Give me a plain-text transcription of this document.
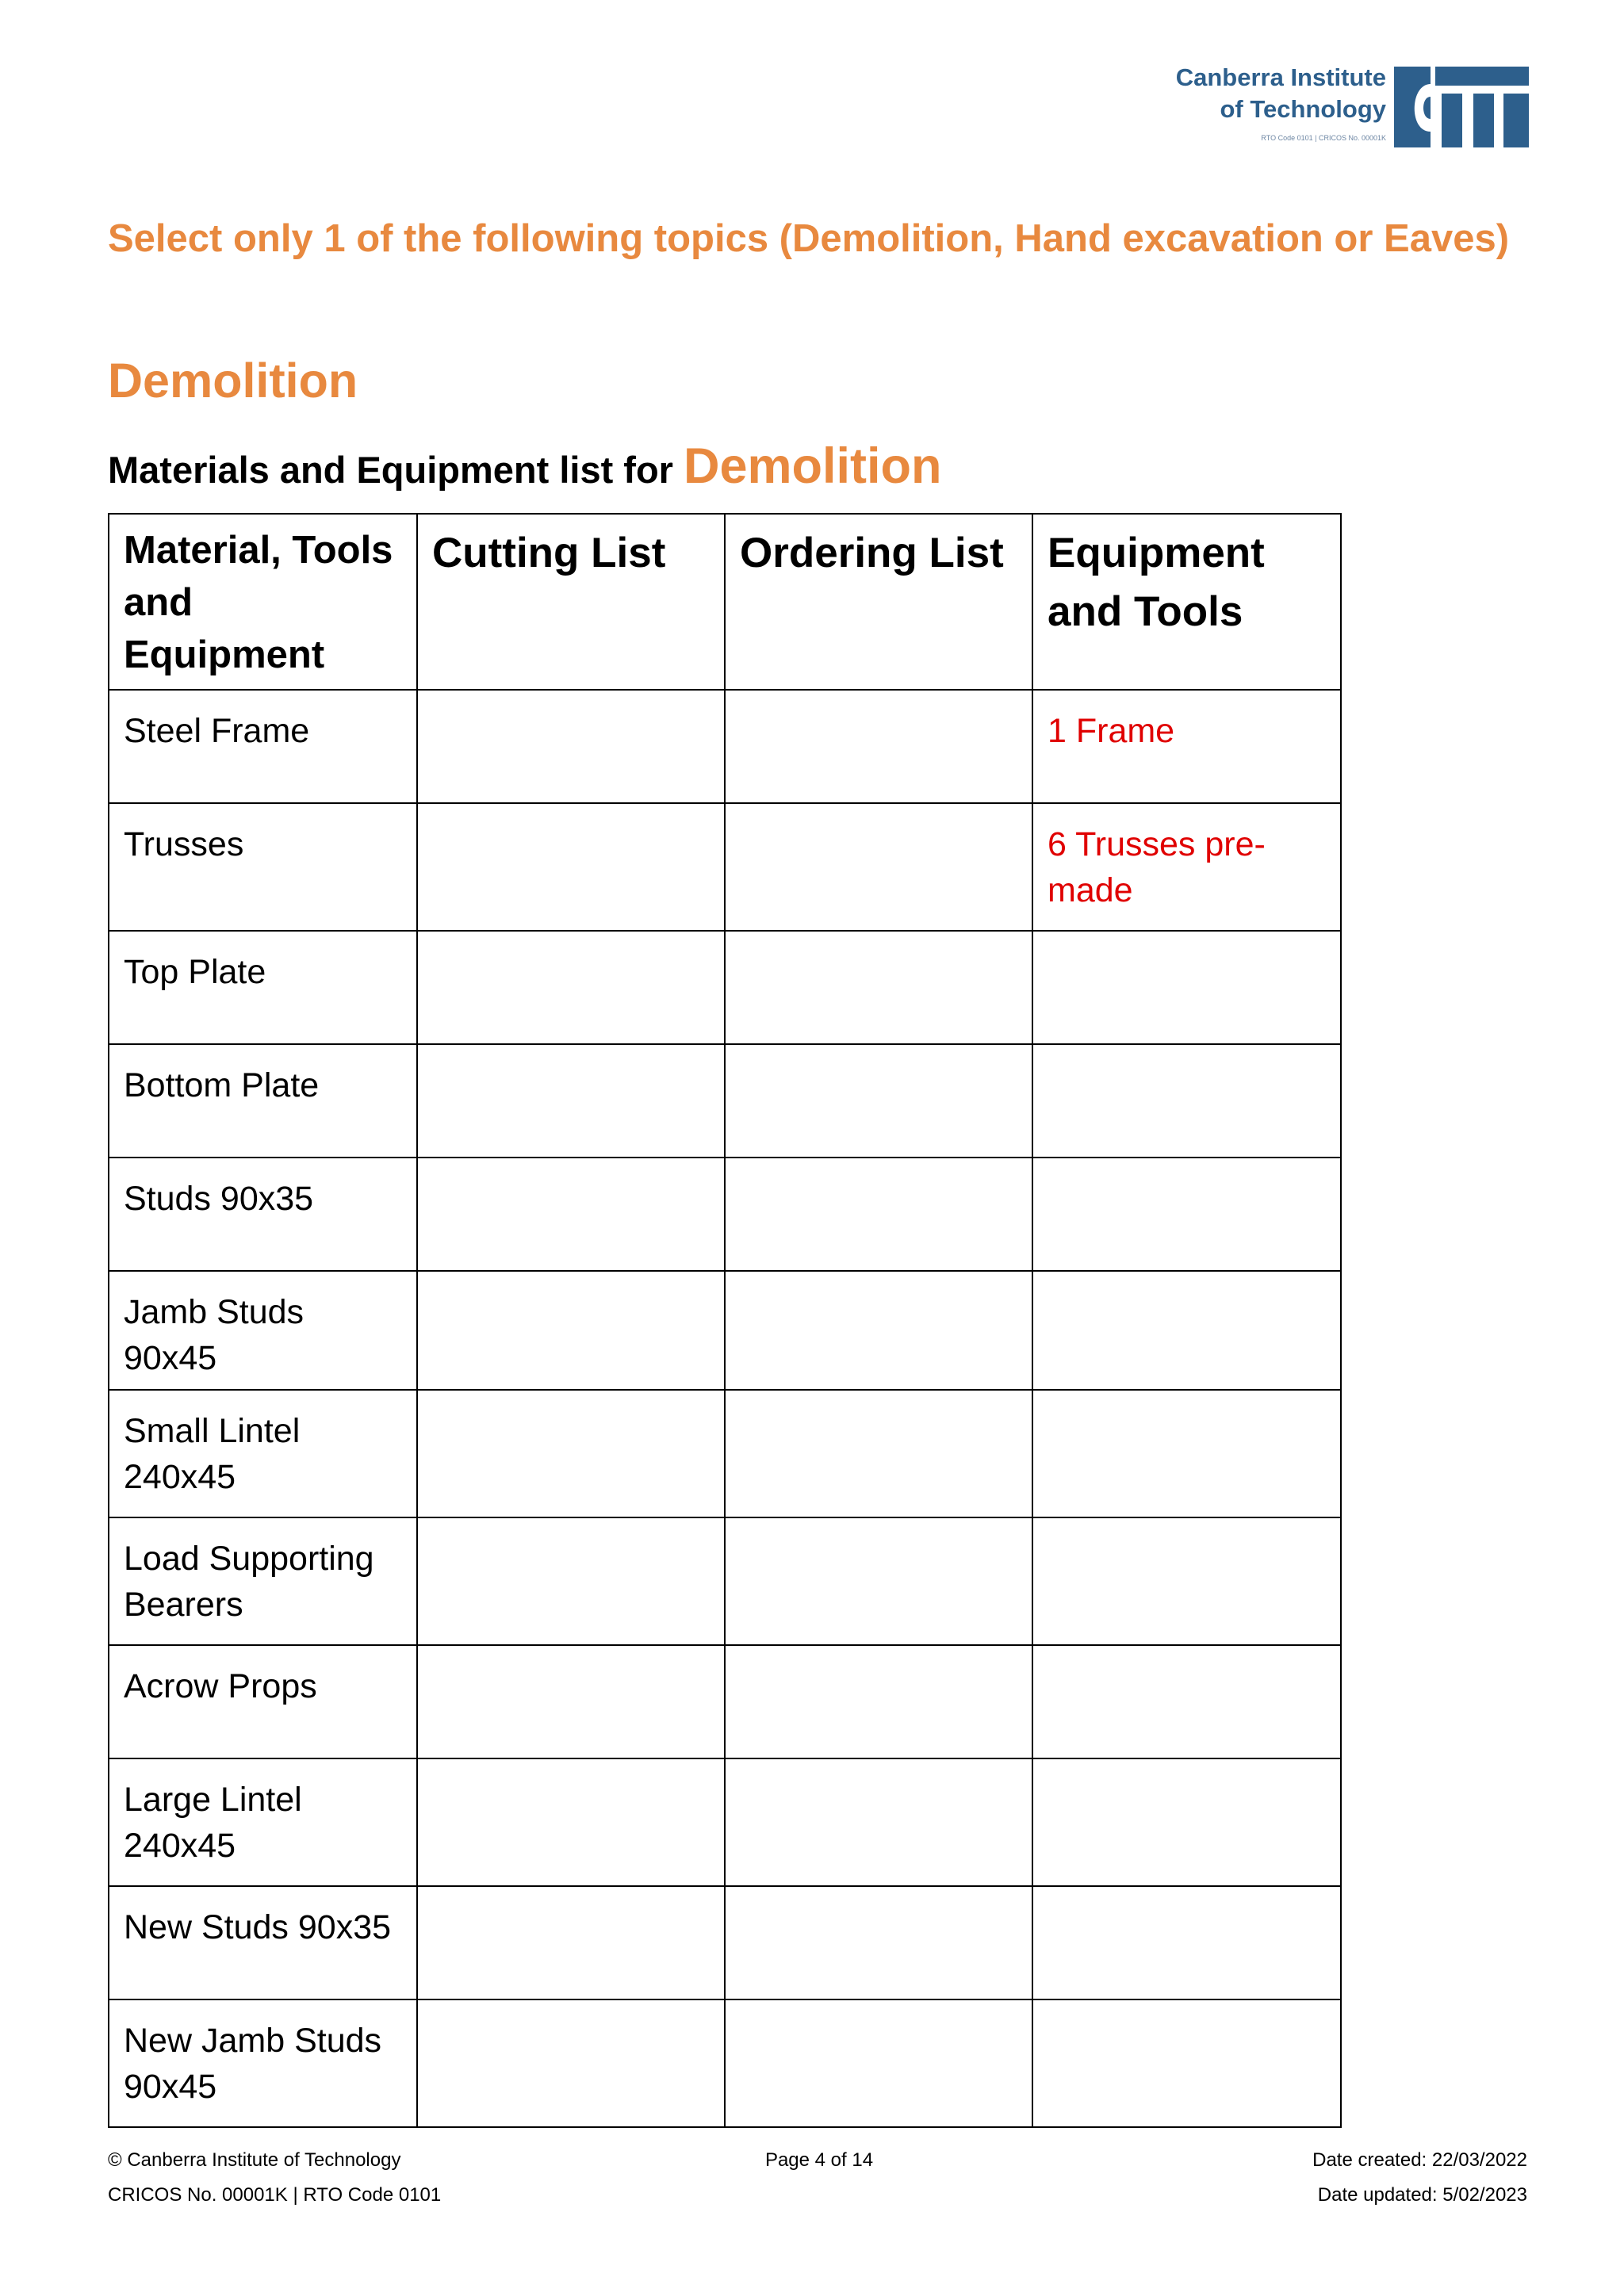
Canberra Institute
of Technology
RTO Code 0101 | CRICOS No. 00001K
Select only 1 of the following topics (Demolition, Hand excavation or Eaves)
Demolition
Materials and Equipment list for Demolition
Material, Tools and Equipment	Cutting List	Ordering List	Equipment and Tools
Steel Frame			1 Frame
Trusses			6 Trusses pre-made
Top Plate			
Bottom Plate			
Studs 90x35			
Jamb Studs 90x45			
Small Lintel 240x45			
Load Supporting Bearers			
Acrow Props			
Large Lintel 240x45			
New Studs 90x35			
New Jamb Studs 90x45			
© Canberra Institute of Technology
CRICOS No. 00001K | RTO Code 0101
Page 4 of 14	Date created: 22/03/2022
Date updated: 5/02/2023
